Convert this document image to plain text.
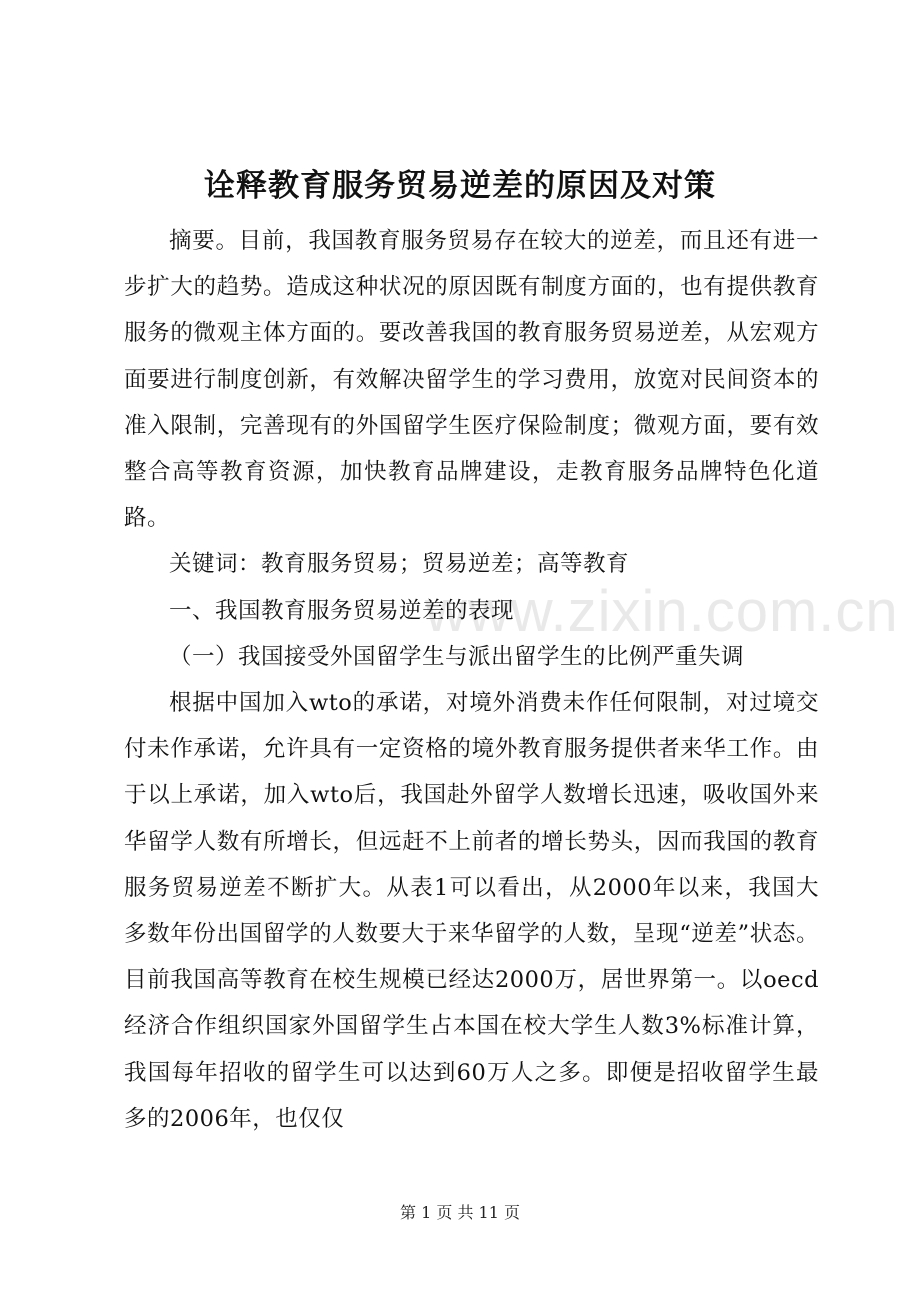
www.zixin.com.cn
诠释教育服务贸易逆差的原因及对策

摘要。目前，我国教育服务贸易存在较大的逆差，而且还有进一步扩大的趋势。造成这种状况的原因既有制度方面的，也有提供教育服务的微观主体方面的。要改善我国的教育服务贸易逆差，从宏观方面要进行制度创新，有效解决留学生的学习费用，放宽对民间资本的准入限制，完善现有的外国留学生医疗保险制度；微观方面，要有效整合高等教育资源，加快教育品牌建设，走教育服务品牌特色化道路。

关键词：教育服务贸易；贸易逆差；高等教育

一、我国教育服务贸易逆差的表现

（一）我国接受外国留学生与派出留学生的比例严重失调

根据中国加入wto的承诺，对境外消费未作任何限制，对过境交付未作承诺，允许具有一定资格的境外教育服务提供者来华工作。由于以上承诺，加入wto后，我国赴外留学人数增长迅速，吸收国外来华留学人数有所增长，但远赶不上前者的增长势头，因而我国的教育服务贸易逆差不断扩大。从表1可以看出，从2000年以来，我国大多数年份出国留学的人数要大于来华留学的人数，呈现“逆差”状态。目前我国高等教育在校生规模已经达2000万，居世界第一。以oecd经济合作组织国家外国留学生占本国在校大学生人数3%标准计算，我国每年招收的留学生可以达到60万人之多。即便是招收留学生最多的2006年，也仅仅

第 1 页 共 11 页
